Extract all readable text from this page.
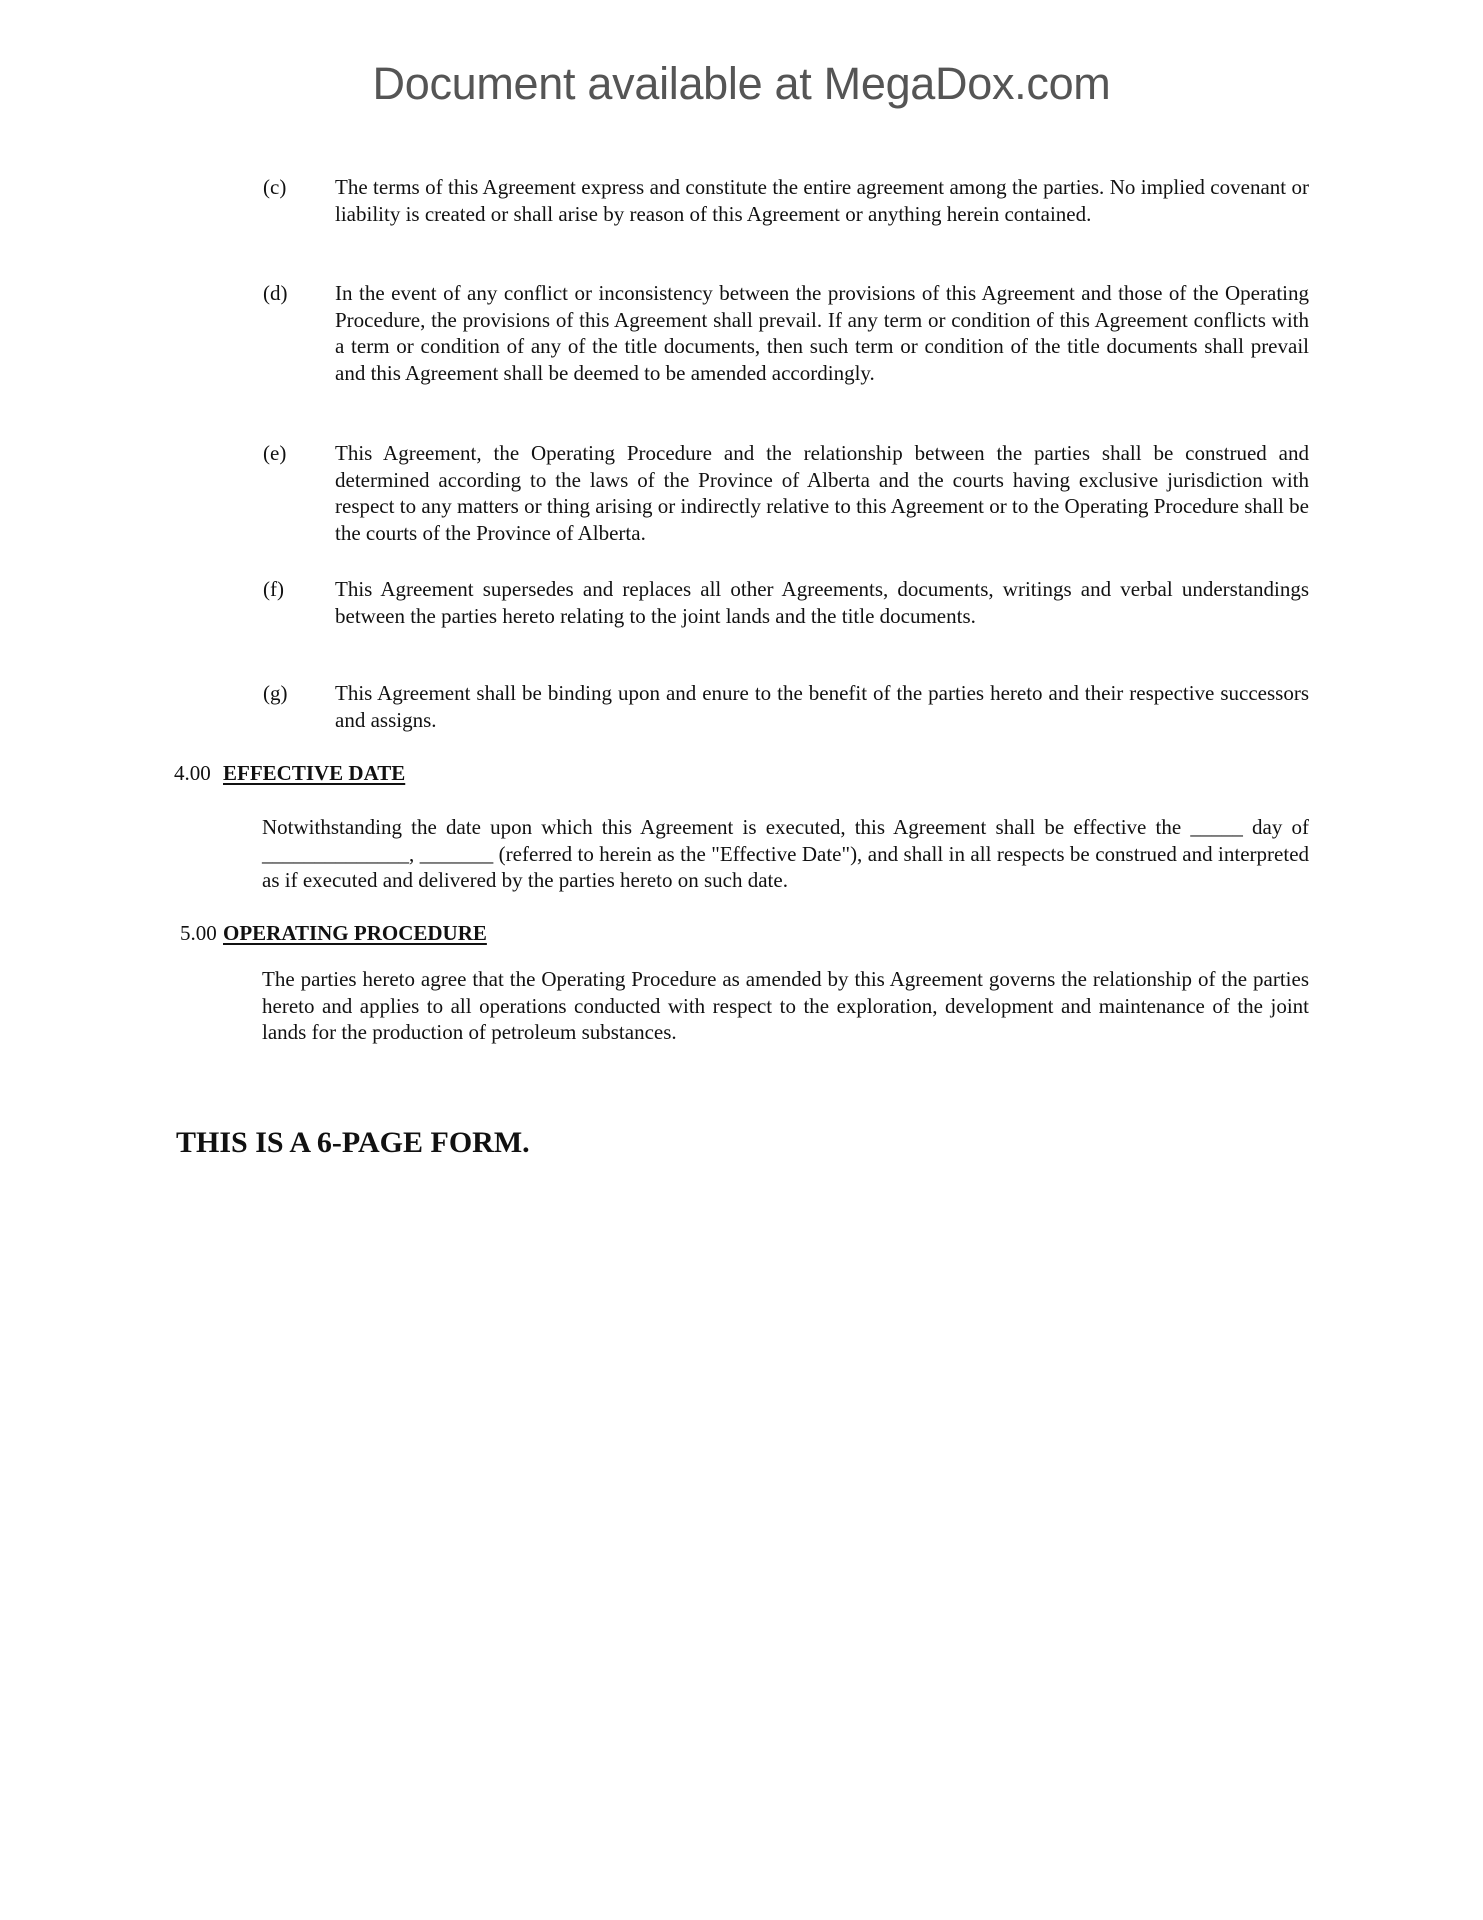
Document available at MegaDox.com
(c) The terms of this Agreement express and constitute the entire agreement among the parties. No implied covenant or liability is created or shall arise by reason of this Agreement or anything herein contained.
(d) In the event of any conflict or inconsistency between the provisions of this Agreement and those of the Operating Procedure, the provisions of this Agreement shall prevail. If any term or condition of this Agreement conflicts with a term or condition of any of the title documents, then such term or condition of the title documents shall prevail and this Agreement shall be deemed to be amended accordingly.
(e) This Agreement, the Operating Procedure and the relationship between the parties shall be construed and determined according to the laws of the Province of Alberta and the courts having exclusive jurisdiction with respect to any matters or thing arising or indirectly relative to this Agreement or to the Operating Procedure shall be the courts of the Province of Alberta.
(f) This Agreement supersedes and replaces all other Agreements, documents, writings and verbal understandings between the parties hereto relating to the joint lands and the title documents.
(g) This Agreement shall be binding upon and enure to the benefit of the parties hereto and their respective successors and assigns.
4.00 EFFECTIVE DATE
Notwithstanding the date upon which this Agreement is executed, this Agreement shall be effective the _____ day of ______________, _______ (referred to herein as the "Effective Date"), and shall in all respects be construed and interpreted as if executed and delivered by the parties hereto on such date.
5.00 OPERATING PROCEDURE
The parties hereto agree that the Operating Procedure as amended by this Agreement governs the relationship of the parties hereto and applies to all operations conducted with respect to the exploration, development and maintenance of the joint lands for the production of petroleum substances.
THIS IS A 6-PAGE FORM.
